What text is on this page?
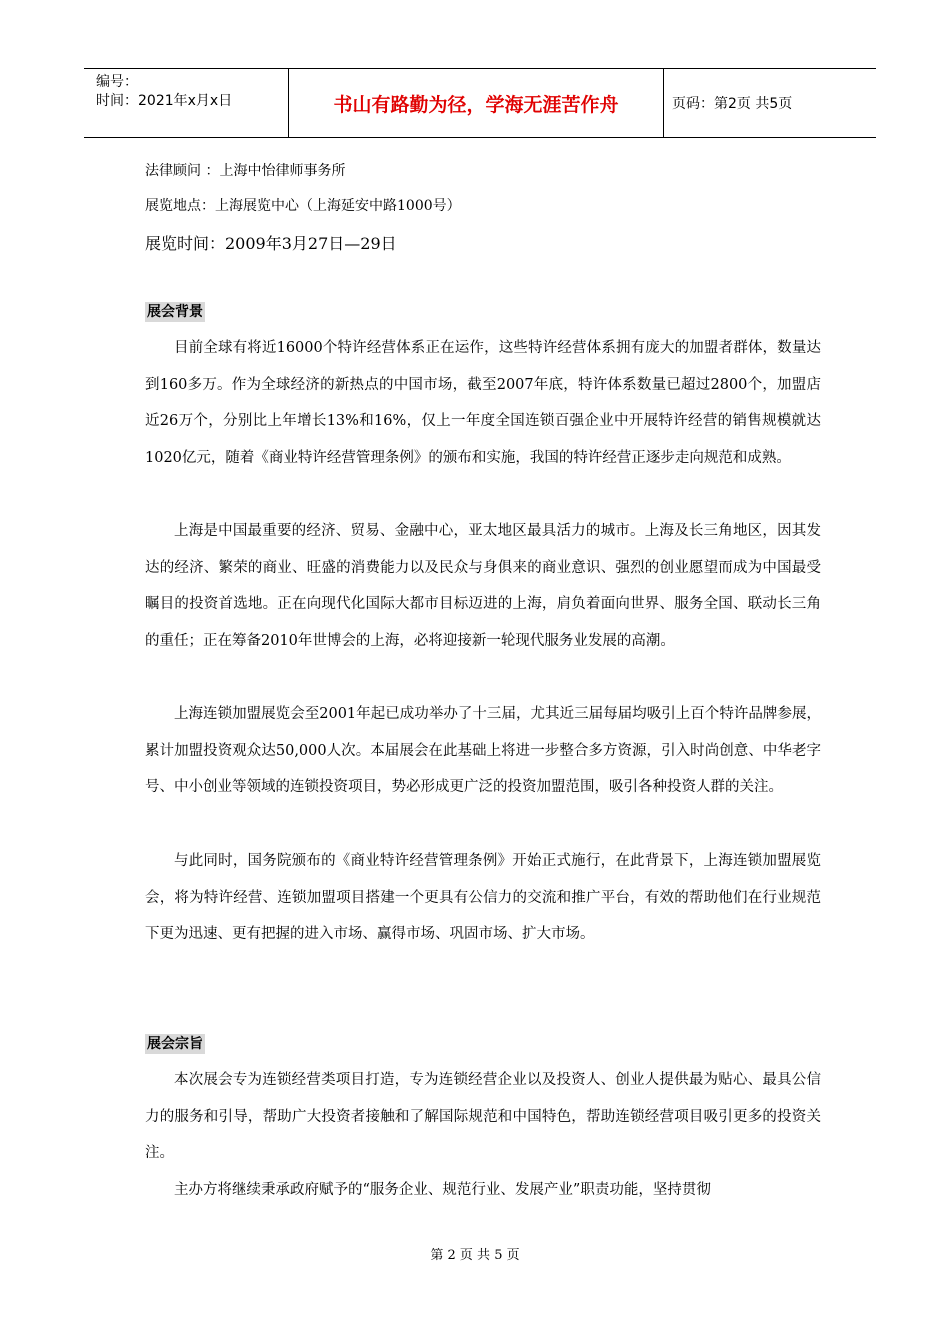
编号：
时间：2021年x月x日	书山有路勤为径，学海无涯苦作舟	页码：第2页 共5页
法律顾问 ：上海中怡律师事务所
展览地点：上海展览中心（上海延安中路1000号）
展览时间：2009年3月27日—29日
展会背景

目前全球有将近16000个特许经营体系正在运作，这些特许经营体系拥有庞大的加盟者群体，数量达到160多万。作为全球经济的新热点的中国市场，截至2007年底，特许体系数量已超过2800个，加盟店近26万个，分别比上年增长13%和16%，仅上一年度全国连锁百强企业中开展特许经营的销售规模就达1020亿元，随着《商业特许经营管理条例》的颁布和实施，我国的特许经营正逐步走向规范和成熟。

上海是中国最重要的经济、贸易、金融中心，亚太地区最具活力的城市。上海及长三角地区，因其发达的经济、繁荣的商业、旺盛的消费能力以及民众与身俱来的商业意识、强烈的创业愿望而成为中国最受瞩目的投资首选地。正在向现代化国际大都市目标迈进的上海，肩负着面向世界、服务全国、联动长三角的重任；正在筹备2010年世博会的上海，必将迎接新一轮现代服务业发展的高潮。

上海连锁加盟展览会至2001年起已成功举办了十三届，尤其近三届每届均吸引上百个特许品牌参展，累计加盟投资观众达50,000人次。本届展会在此基础上将进一步整合多方资源，引入时尚创意、中华老字号、中小创业等领域的连锁投资项目，势必形成更广泛的投资加盟范围，吸引各种投资人群的关注。

与此同时，国务院颁布的《商业特许经营管理条例》开始正式施行，在此背景下，上海连锁加盟展览会，将为特许经营、连锁加盟项目搭建一个更具有公信力的交流和推广平台，有效的帮助他们在行业规范下更为迅速、更有把握的进入市场、赢得市场、巩固市场、扩大市场。

展会宗旨

本次展会专为连锁经营类项目打造，专为连锁经营企业以及投资人、创业人提供最为贴心、最具公信力的服务和引导，帮助广大投资者接触和了解国际规范和中国特色，帮助连锁经营项目吸引更多的投资关注。

主办方将继续秉承政府赋予的“服务企业、规范行业、发展产业”职责功能，坚持贯彻

第 2 页 共 5 页
